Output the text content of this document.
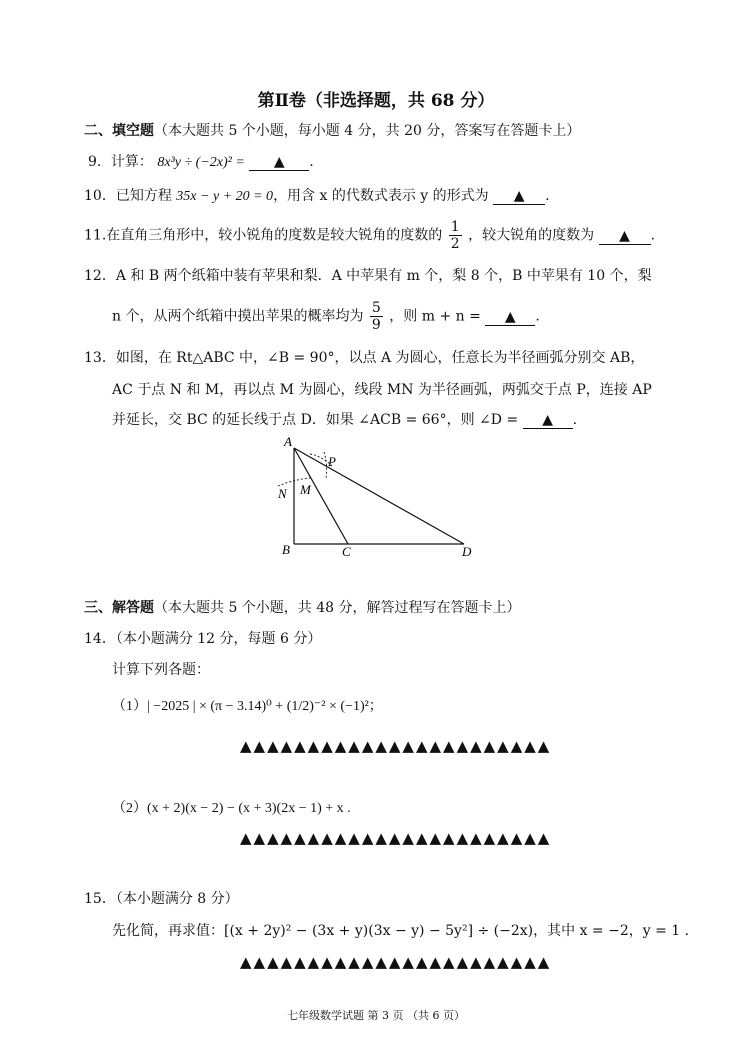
第Ⅱ卷（非选择题，共 68 分）
二、填空题（本大题共 5 个小题，每小题 4 分，共 20 分，答案写在答题卡上）
9．计算： 8x³y ÷ (−2x)² = ▲ .
10．已知方程 35x − y + 20 = 0，用含 x 的代数式表示 y 的形式为 ▲ .
11.在直角三角形中，较小锐角的度数是较大锐角的度数的 $\frac{1}{2}$ ，较大锐角的度数为 ▲ .
12．A 和 B 两个纸箱中装有苹果和梨．A 中苹果有 m 个，梨 8 个，B 中苹果有 10 个，梨
n 个，从两个纸箱中摸出苹果的概率均为 $\frac{5}{9}$ ，则 m + n = ▲ .
13．如图，在 Rt△ABC 中，∠B = 90°，以点 A 为圆心，任意长为半径画弧分别交 AB，
AC 于点 N 和 M，再以点 M 为圆心，线段 MN 为半径画弧，两弧交于点 P，连接 AP
并延长，交 BC 的延长线于点 D．如果 ∠ACB = 66°，则 ∠D = ▲ .
A
P
N M
B	C	D
三、解答题（本大题共 5 个小题，共 48 分，解答过程写在答题卡上）
14．（本小题满分 12 分，每题 6 分）
计算下列各题：
（1）| −2025 | × (π − 3.14)⁰ + (1/2)⁻² × (−1)²；
▲▲▲▲▲▲▲▲▲▲▲▲▲▲▲▲▲▲▲▲▲▲▲
（2）(x + 2)(x − 2) − (x + 3)(2x − 1) + x .
▲▲▲▲▲▲▲▲▲▲▲▲▲▲▲▲▲▲▲▲▲▲▲
15．（本小题满分 8 分）
先化简，再求值：[(x + 2y)² − (3x + y)(3x − y) − 5y²] ÷ (−2x)，其中 x = −2，y = 1 .
▲▲▲▲▲▲▲▲▲▲▲▲▲▲▲▲▲▲▲▲▲▲▲
七年级数学试题 第 3 页 （共 6 页）
